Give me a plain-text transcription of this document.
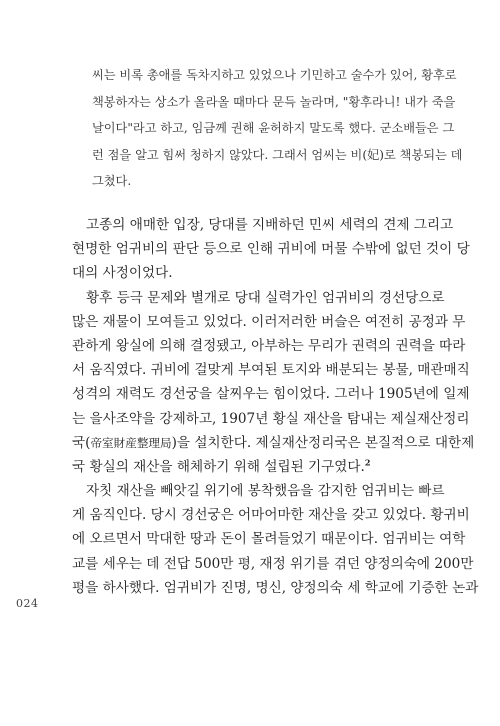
씨는 비록 총애를 독차지하고 있었으나 기민하고 술수가 있어, 황후로
책봉하자는 상소가 올라올 때마다 문득 놀라며, "황후라니! 내가 죽을
날이다"라고 하고, 임금께 권해 윤허하지 말도록 했다. 군소배들은 그
런 점을 알고 힘써 청하지 않았다. 그래서 엄씨는 비(妃)로 책봉되는 데
그쳤다.
고종의 애매한 입장, 당대를 지배하던 민씨 세력의 견제 그리고
현명한 엄귀비의 판단 등으로 인해 귀비에 머물 수밖에 없던 것이 당
대의 사정이었다.
황후 등극 문제와 별개로 당대 실력가인 엄귀비의 경선당으로
많은 재물이 모여들고 있었다. 이러저러한 버슬은 여전히 공정과 무
관하게 왕실에 의해 결정됐고, 아부하는 무리가 권력의 권력을 따라
서 움직였다. 귀비에 걸맞게 부여된 토지와 배분되는 봉물, 매관매직
성격의 재력도 경선궁을 살찌우는 힘이었다. 그러나 1905년에 일제
는 을사조약을 강제하고, 1907년 황실 재산을 탐내는 제실재산정리
국(帝室財産整理局)을 설치한다. 제실재산정리국은 본질적으로 대한제
국 황실의 재산을 해체하기 위해 설립된 기구였다.$^2$
자칫 재산을 빼앗길 위기에 봉착했음을 감지한 엄귀비는 빠르
게 움직인다. 당시 경선궁은 어마어마한 재산을 갖고 있었다. 황귀비
에 오르면서 막대한 땅과 돈이 몰려들었기 때문이다. 엄귀비는 여학
교를 세우는 데 전답 500만 평, 재정 위기를 겪던 양정의숙에 200만
평을 하사했다. 엄귀비가 진명, 명신, 양정의숙 세 학교에 기증한 논과
024
